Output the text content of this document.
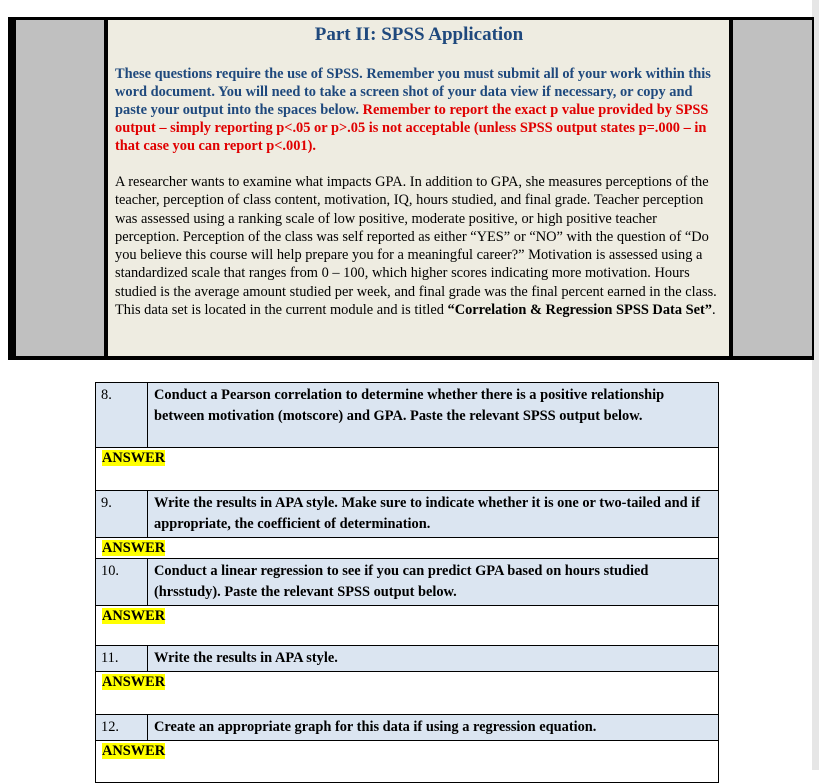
Part II: SPSS Application
These questions require the use of SPSS. Remember you must submit all of your work within this word document. You will need to take a screen shot of your data view if necessary, or copy and paste your output into the spaces below. Remember to report the exact p value provided by SPSS output – simply reporting p<.05 or p>.05 is not acceptable (unless SPSS output states p=.000 – in that case you can report p<.001).
A researcher wants to examine what impacts GPA. In addition to GPA, she measures perceptions of the teacher, perception of class content, motivation, IQ, hours studied, and final grade. Teacher perception was assessed using a ranking scale of low positive, moderate positive, or high positive teacher perception. Perception of the class was self reported as either “YES” or “NO” with the question of “Do you believe this course will help prepare you for a meaningful career?” Motivation is assessed using a standardized scale that ranges from 0 – 100, which higher scores indicating more motivation. Hours studied is the average amount studied per week, and final grade was the final percent earned in the class. This data set is located in the current module and is titled “Correlation & Regression SPSS Data Set”.
8.	Conduct a Pearson correlation to determine whether there is a positive relationship between motivation (motscore) and GPA. Paste the relevant SPSS output below.
ANSWER	
9.	Write the results in APA style. Make sure to indicate whether it is one or two-tailed and if appropriate, the coefficient of determination.
ANSWER	
10.	Conduct a linear regression to see if you can predict GPA based on hours studied (hrsstudy). Paste the relevant SPSS output below.
ANSWER	
11.	Write the results in APA style.
ANSWER	
12.	Create an appropriate graph for this data if using a regression equation.
ANSWER	
